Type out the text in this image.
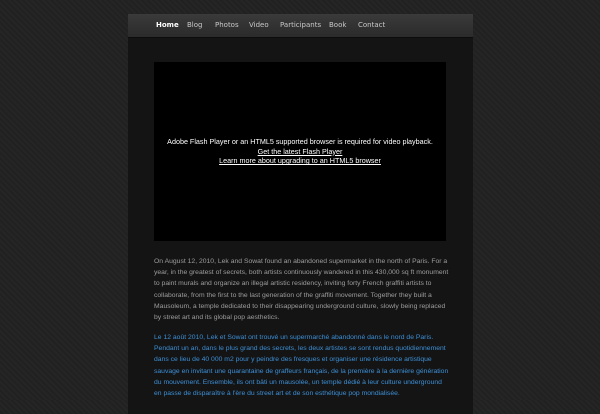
Home Blog Photos Video Participants Book Contact
Adobe Flash Player or an HTML5 supported browser is required for video playback.
Get the latest Flash Player
Learn more about upgrading to an HTML5 browser

On August 12, 2010, Lek and Sowat found an abandoned supermarket in the north of Paris. For a year, in the greatest of secrets, both artists continuously wandered in this 430,000 sq ft monument to paint murals and organize an illegal artistic residency, inviting forty French graffiti artists to collaborate, from the first to the last generation of the graffiti movement. Together they built a Mausoleum, a temple dedicated to their disappearing underground culture, slowly being replaced by street art and its global pop aesthetics.

Le 12 août 2010, Lek et Sowat ont trouvé un supermarché abandonné dans le nord de Paris. Pendant un an, dans le plus grand des secrets, les deux artistes se sont rendus quotidiennement dans ce lieu de 40 000 m2 pour y peindre des fresques et organiser une résidence artistique sauvage en invitant une quarantaine de graffeurs français, de la première à la dernière génération du mouvement. Ensemble, ils ont bâti un mausolée, un temple dédié à leur culture underground en passe de disparaître à l'ère du street art et de son esthétique pop mondialisée.
